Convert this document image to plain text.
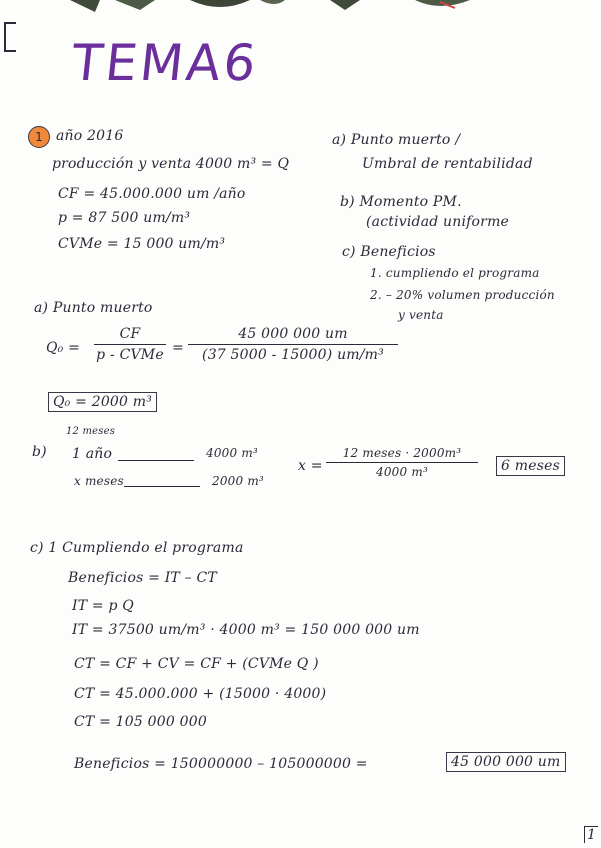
TEMA6
1 año 2016
producción y venta 4000 m³ = Q
CF = 45.000.000 um /año
p = 87 500 um/m³
CVMe = 15 000 um/m³
a) Punto muerto /
Umbral de rentabilidad
b) Momento PM.
(actividad uniforme
c) Beneficios
1. cumpliendo el programa
2. – 20% volumen producción
y venta
a) Punto muerto
Q₀ =
CF
p - CVMe =
45 000 000 um
(37 5000 - 15000) um/m³
Q₀ = 2000 m³
12 meses
b) 1 año	4000 m³
x meses	2000 m³
x =
12 meses · 2000m³
4000 m³	6 meses
c) 1 Cumpliendo el programa
Beneficios = IT – CT
IT = p Q
IT = 37500 um/m³ · 4000 m³ = 150 000 000 um
CT = CF + CV = CF + (CVMe Q )
CT = 45.000.000 + (15000 · 4000)
CT = 105 000 000
Beneficios = 150000000 – 105000000 =	45 000 000 um
1
